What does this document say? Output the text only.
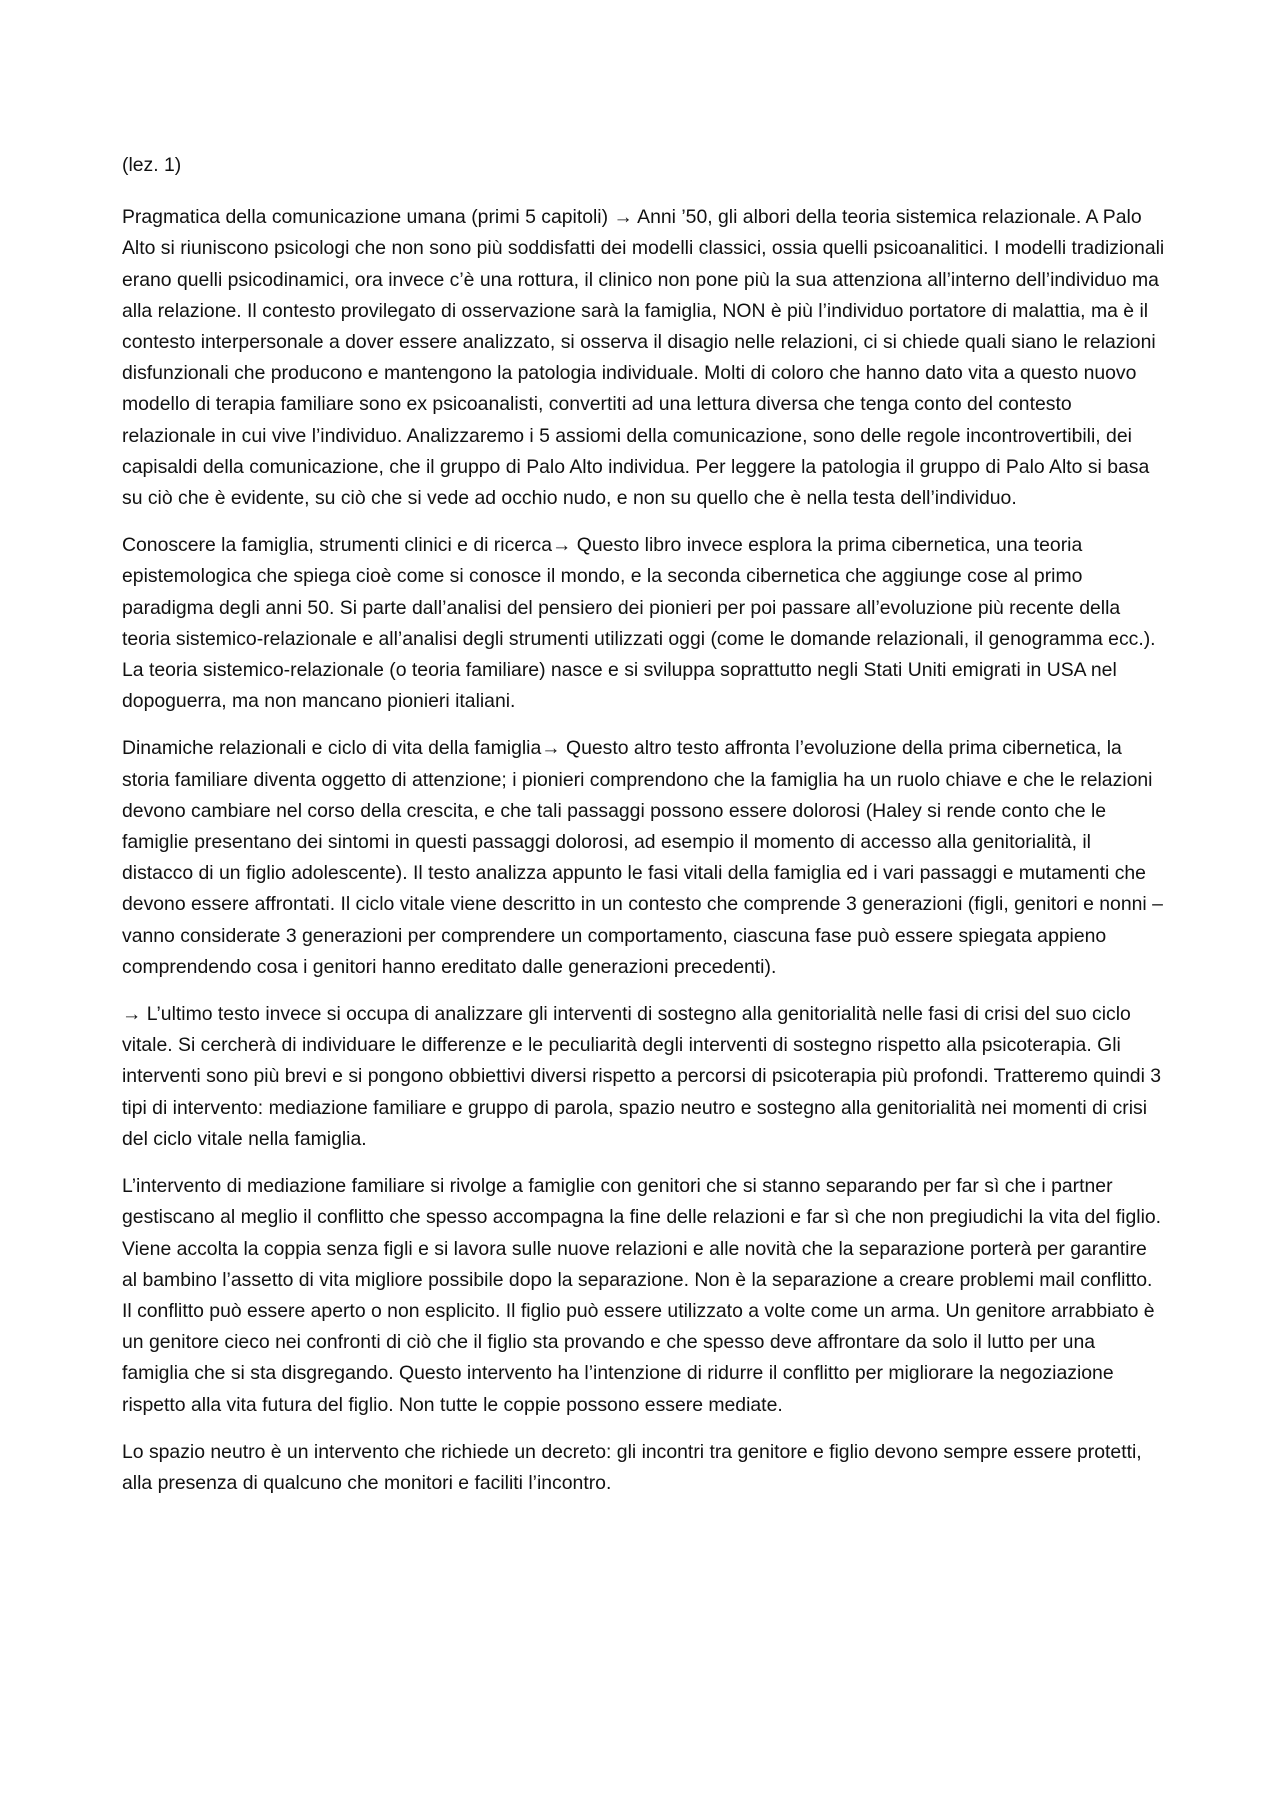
(lez. 1)

Pragmatica della comunicazione umana (primi 5 capitoli) → Anni ’50, gli albori della teoria sistemica relazionale. A Palo Alto si riuniscono psicologi che non sono più soddisfatti dei modelli classici, ossia quelli psicoanalitici. I modelli tradizionali erano quelli psicodinamici, ora invece c’è una rottura, il clinico non pone più la sua attenziona all’interno dell’individuo ma alla relazione. Il contesto provilegato di osservazione sarà la famiglia, NON è più l’individuo portatore di malattia, ma è il contesto interpersonale a dover essere analizzato, si osserva il disagio nelle relazioni, ci si chiede quali siano le relazioni disfunzionali che producono e mantengono la patologia individuale. Molti di coloro che hanno dato vita a questo nuovo modello di terapia familiare sono ex psicoanalisti, convertiti ad una lettura diversa che tenga conto del contesto relazionale in cui vive l’individuo. Analizzaremo i 5 assiomi della comunicazione, sono delle regole incontrovertibili, dei capisaldi della comunicazione, che il gruppo di Palo Alto individua. Per leggere la patologia il gruppo di Palo Alto si basa su ciò che è evidente, su ciò che si vede ad occhio nudo, e non su quello che è nella testa dell’individuo.

Conoscere la famiglia, strumenti clinici e di ricerca→ Questo libro invece esplora la prima cibernetica, una teoria epistemologica che spiega cioè come si conosce il mondo, e la seconda cibernetica che aggiunge cose al primo paradigma degli anni 50. Si parte dall’analisi del pensiero dei pionieri per poi passare all’evoluzione più recente della teoria sistemico-relazionale e all’analisi degli strumenti utilizzati oggi (come le domande relazionali, il genogramma ecc.). La teoria sistemico-relazionale (o teoria familiare) nasce e si sviluppa soprattutto negli Stati Uniti emigrati in USA nel dopoguerra, ma non mancano pionieri italiani.

Dinamiche relazionali e ciclo di vita della famiglia→ Questo altro testo affronta l’evoluzione della prima cibernetica, la storia familiare diventa oggetto di attenzione; i pionieri comprendono che la famiglia ha un ruolo chiave e che le relazioni devono cambiare nel corso della crescita, e che tali passaggi possono essere dolorosi (Haley si rende conto che le famiglie presentano dei sintomi in questi passaggi dolorosi, ad esempio il momento di accesso alla genitorialità, il distacco di un figlio adolescente). Il testo analizza appunto le fasi vitali della famiglia ed i vari passaggi e mutamenti che devono essere affrontati. Il ciclo vitale viene descritto in un contesto che comprende 3 generazioni (figli, genitori e nonni – vanno considerate 3 generazioni per comprendere un comportamento, ciascuna fase può essere spiegata appieno comprendendo cosa i genitori hanno ereditato dalle generazioni precedenti).

→ L’ultimo testo invece si occupa di analizzare gli interventi di sostegno alla genitorialità nelle fasi di crisi del suo ciclo vitale. Si cercherà di individuare le differenze e le peculiarità degli interventi di sostegno rispetto alla psicoterapia. Gli interventi sono più brevi e si pongono obbiettivi diversi rispetto a percorsi di psicoterapia più profondi. Tratteremo quindi 3 tipi di intervento: mediazione familiare e gruppo di parola, spazio neutro e sostegno alla genitorialità nei momenti di crisi del ciclo vitale nella famiglia.

L’intervento di mediazione familiare si rivolge a famiglie con genitori che si stanno separando per far sì che i partner gestiscano al meglio il conflitto che spesso accompagna la fine delle relazioni e far sì che non pregiudichi la vita del figlio. Viene accolta la coppia senza figli e si lavora sulle nuove relazioni e alle novità che la separazione porterà per garantire al bambino l’assetto di vita migliore possibile dopo la separazione. Non è la separazione a creare problemi mail conflitto. Il conflitto può essere aperto o non esplicito. Il figlio può essere utilizzato a volte come un arma. Un genitore arrabbiato è un genitore cieco nei confronti di ciò che il figlio sta provando e che spesso deve affrontare da solo il lutto per una famiglia che si sta disgregando. Questo intervento ha l’intenzione di ridurre il conflitto per migliorare la negoziazione rispetto alla vita futura del figlio. Non tutte le coppie possono essere mediate.

Lo spazio neutro è un intervento che richiede un decreto: gli incontri tra genitore e figlio devono sempre essere protetti, alla presenza di qualcuno che monitori e faciliti l’incontro.
